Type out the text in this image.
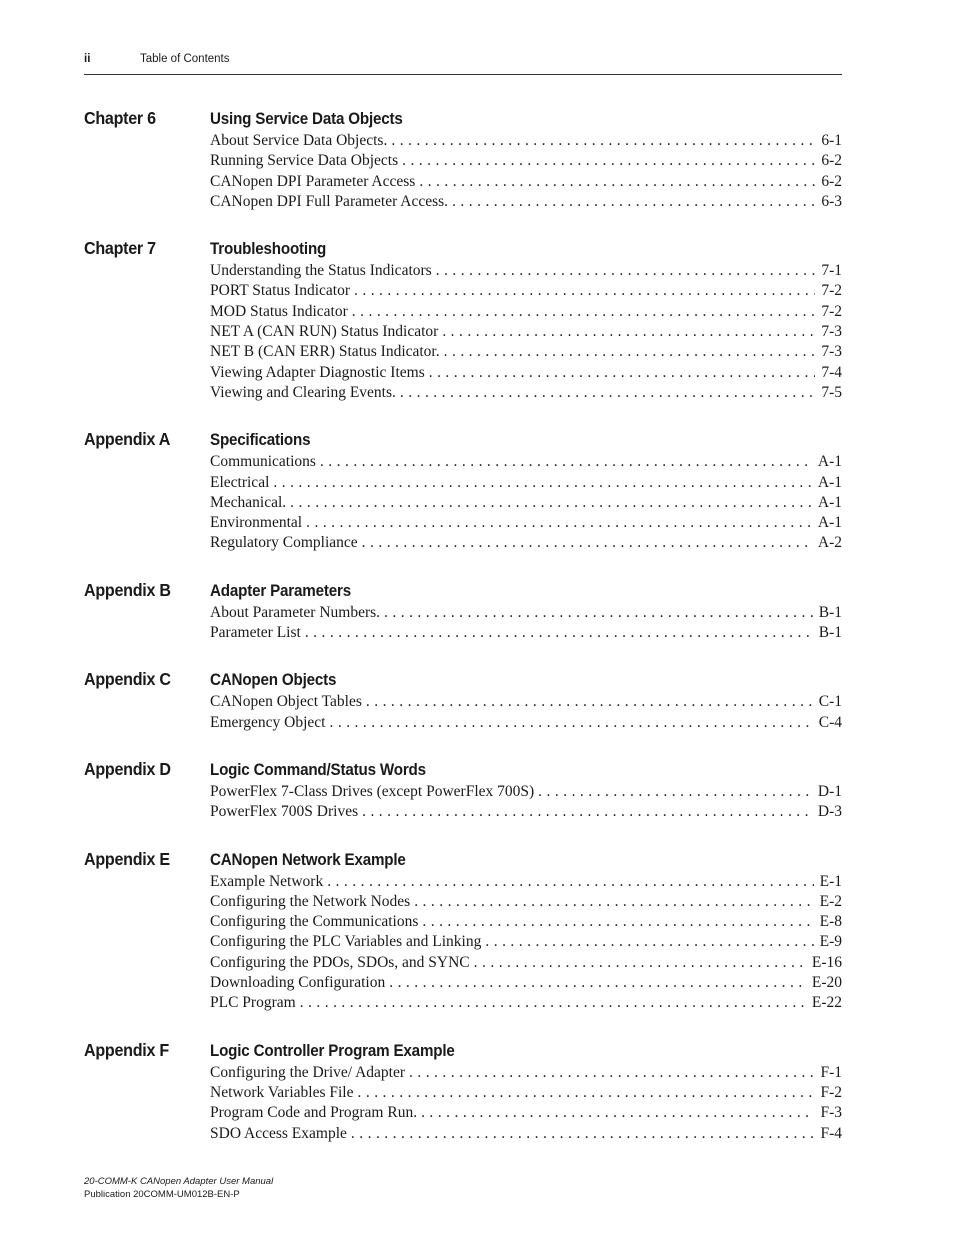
ii	Table of Contents
Chapter 6	Using Service Data Objects
About Service Data Objects. . . .	6-1
Running Service Data Objects . . .	6-2
CANopen DPI Parameter Access . . .	6-2
CANopen DPI Full Parameter Access. . . .	6-3
Chapter 7	Troubleshooting
Understanding the Status Indicators . . .	7-1
PORT Status Indicator . . .	7-2
MOD Status Indicator . . .	7-2
NET A (CAN RUN) Status Indicator . . .	7-3
NET B (CAN ERR) Status Indicator. . . .	7-3
Viewing Adapter Diagnostic Items . . .	7-4
Viewing and Clearing Events. . . .	7-5
Appendix A Specifications
Communications . . .	A-1
Electrical . . .	A-1
Mechanical. . . .	A-1
Environmental . . .	A-1
Regulatory Compliance . . .	A-2
Appendix B Adapter Parameters
About Parameter Numbers. . . .	B-1
Parameter List . . .	B-1
Appendix C CANopen Objects
CANopen Object Tables . . .	C-1
Emergency Object . . .	C-4
Appendix D Logic Command/Status Words
PowerFlex 7-Class Drives (except PowerFlex 700S) . . .	D-1
PowerFlex 700S Drives . . .	D-3
Appendix E CANopen Network Example
Example Network . . .	E-1
Configuring the Network Nodes . . .	E-2
Configuring the Communications . . .	E-8
Configuring the PLC Variables and Linking . . .	E-9
Configuring the PDOs, SDOs, and SYNC . . .	E-16
Downloading Configuration . . .	E-20
PLC Program . . .	E-22
Appendix F Logic Controller Program Example
Configuring the Drive/ Adapter . . .	F-1
Network Variables File . . .	F-2
Program Code and Program Run. . . .	F-3
SDO Access Example . . .	F-4
20-COMM-K CANopen Adapter User Manual
Publication 20COMM-UM012B-EN-P
